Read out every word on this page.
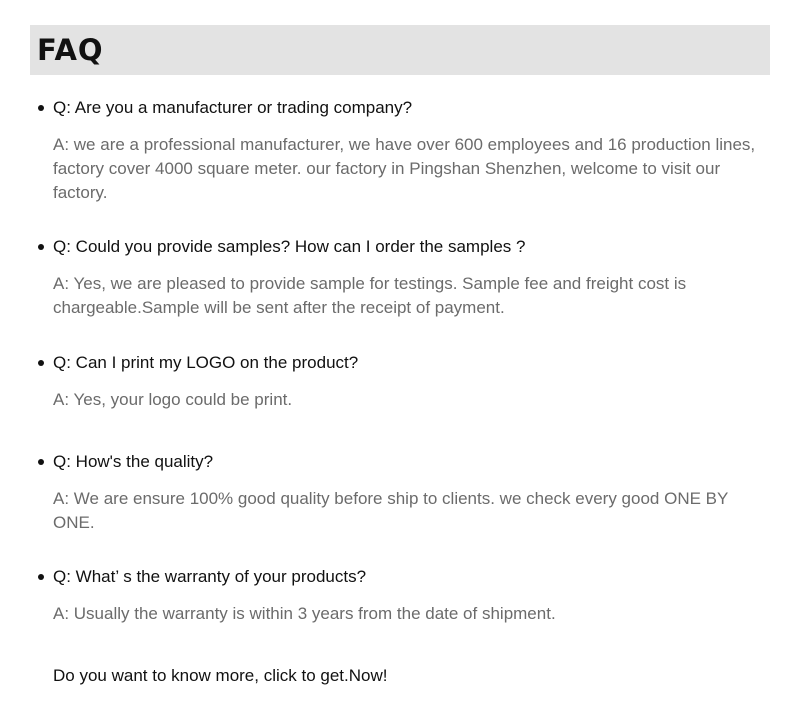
FAQ
Q: Are you a manufacturer or trading company?
A: we are a professional manufacturer, we have over 600 employees and 16 production lines, factory cover 4000 square meter. our factory in Pingshan Shenzhen, welcome to visit our factory.
Q: Could you provide samples? How can I order the samples ?
A: Yes, we are pleased to provide sample for testings. Sample fee and freight cost is chargeable.Sample will be sent after the receipt of payment.
Q: Can I print my LOGO on the product?
A: Yes, your logo could be print.
Q: How's the quality?
A: We are ensure 100% good quality before ship to clients. we check every good ONE BY ONE.
Q: What’ s the warranty of your products?
A: Usually the warranty is within 3 years from the date of shipment.
Do you want to know more, click to get.Now!
